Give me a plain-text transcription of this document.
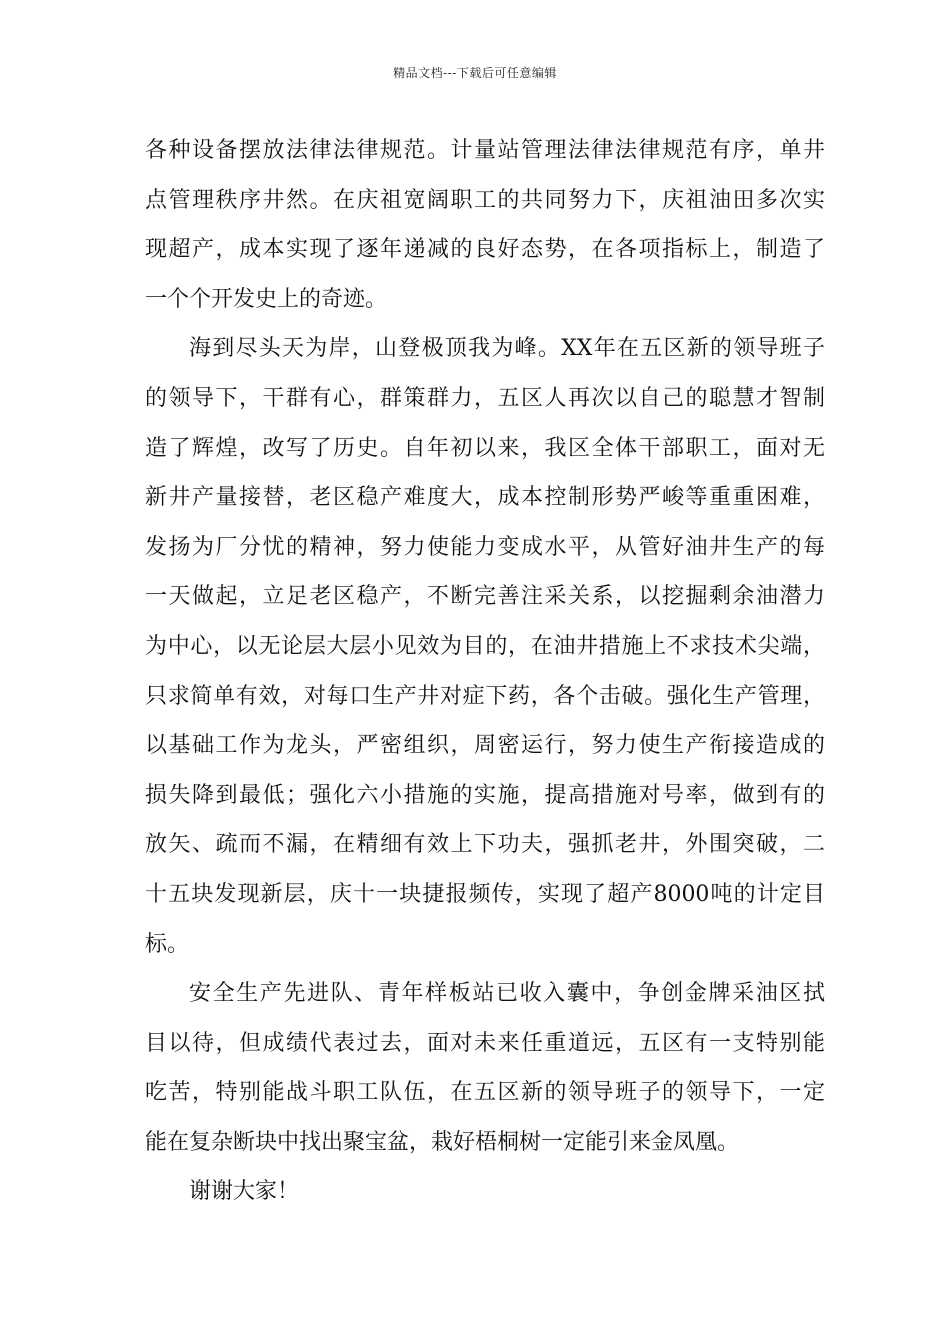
精品文档---下载后可任意编辑
各种设备摆放法律法律规范。计量站管理法律法律规范有序，单井
点管理秩序井然。在庆祖宽阔职工的共同努力下，庆祖油田多次实
现超产，成本实现了逐年递减的良好态势，在各项指标上，制造了
一个个开发史上的奇迹。
海到尽头天为岸，山登极顶我为峰。XX年在五区新的领导班子
的领导下，干群有心，群策群力，五区人再次以自己的聪慧才智制
造了辉煌，改写了历史。自年初以来，我区全体干部职工，面对无
新井产量接替，老区稳产难度大，成本控制形势严峻等重重困难，
发扬为厂分忧的精神，努力使能力变成水平，从管好油井生产的每
一天做起，立足老区稳产，不断完善注采关系，以挖掘剩余油潜力
为中心，以无论层大层小见效为目的，在油井措施上不求技术尖端，
只求简单有效，对每口生产井对症下药，各个击破。强化生产管理，
以基础工作为龙头，严密组织，周密运行，努力使生产衔接造成的
损失降到最低；强化六小措施的实施，提高措施对号率，做到有的
放矢、疏而不漏，在精细有效上下功夫，强抓老井，外围突破，二
十五块发现新层，庆十一块捷报频传，实现了超产8000吨的计定目
标。
安全生产先进队、青年样板站已收入囊中，争创金牌采油区拭
目以待，但成绩代表过去，面对未来任重道远，五区有一支特别能
吃苦，特别能战斗职工队伍，在五区新的领导班子的领导下，一定
能在复杂断块中找出聚宝盆，栽好梧桐树一定能引来金凤凰。
谢谢大家！
